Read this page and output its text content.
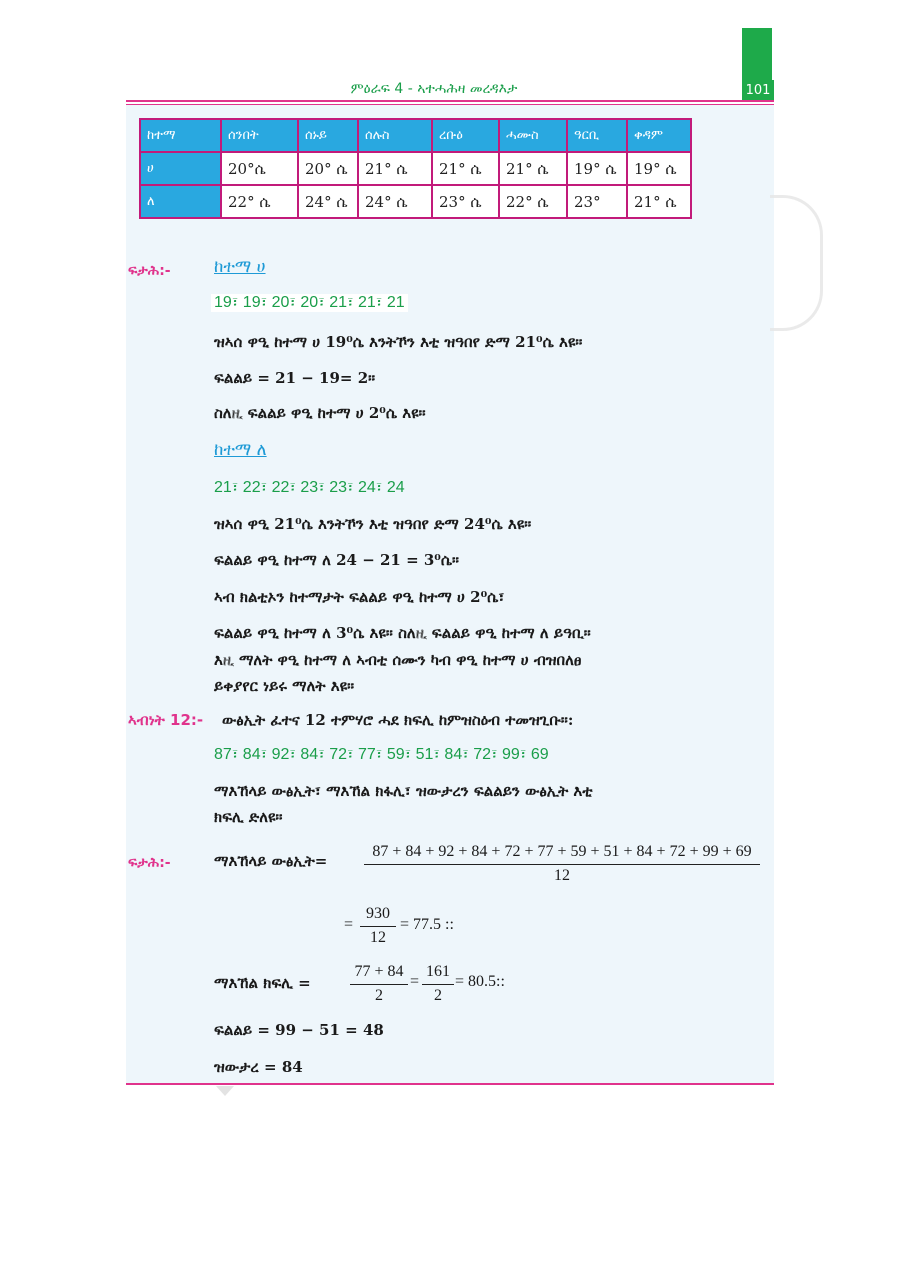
101
ምዕራፍ 4 - ኣተሓሕዛ መረዳእታ
ከተማ	ሰንበት	ሰኑይ	ሰሉስ	ረቡዕ	ሓሙስ	ዓርቢ	ቀዳም
ሀ	20°ሴ	20° ሴ	21° ሴ	21° ሴ	21° ሴ	19° ሴ	19° ሴ
ለ	22° ሴ	24° ሴ	24° ሴ	23° ሴ	22° ሴ	23°	21° ሴ
ፍታሕ:-	ከተማ ሀ
19፣ 19፣ 20፣ 20፣ 21፣ 21፣ 21
ዝኣሰ ዋዒ ከተማ ሀ 19⁰ሴ እንትኾን እቲ ዝዓበየ ድማ 21⁰ሴ እዩ።
ፍልልይ = 21 − 19= 2።
ስለዚ ፍልልይ ዋዒ ከተማ ሀ 2⁰ሴ እዩ።
ከተማ ለ
21፣ 22፣ 22፣ 23፣ 23፣ 24፣ 24
ዝኣሰ ዋዒ 21⁰ሴ እንትኾን እቲ ዝዓበየ ድማ 24⁰ሴ እዩ።
ፍልልይ ዋዒ ከተማ ለ 24 − 21 = 3⁰ሴ።
ኣብ ክልቲኦን ከተማታት ፍልልይ ዋዒ ከተማ ሀ 2⁰ሴ፣
ፍልልይ ዋዒ ከተማ ለ 3⁰ሴ እዩ። ስለዚ ፍልልይ ዋዒ ከተማ ለ ይዓቢ።
እዚ ማለት ዋዒ ከተማ ለ ኣብቲ ሰሙን ካብ ዋዒ ከተማ ሀ ብዝበለፀ
ይቀያየር ነይሩ ማለት እዩ።
ኣብነት 12:- ውፅኢት ፈተና 12 ተምሃሮ ሓደ ክፍሊ ከምዝስዕብ ተመዝጊቡ።:
87፣ 84፣ 92፣ 84፣ 72፣ 77፣ 59፣ 51፣ 84፣ 72፣ 99፣ 69
ማእኸላይ ውፅኢት፣ ማእኸል ክፋሊ፣ ዝውታረን ፍልልይን ውፅኢት እቲ
ክፍሊ ድለዩ።
ፍታሕ:-	ማእኸላይ ውፅኢት=
87 + 84 + 92 + 84 + 72 + 77 + 59 + 51 + 84 + 72 + 99 + 69
12
=
930
12
= 77.5 ::
ማእኸል ክፍሊ =
77 + 84
2
=
161
2
= 80.5::
ፍልልይ = 99 − 51 = 48
ዝውታረ = 84
